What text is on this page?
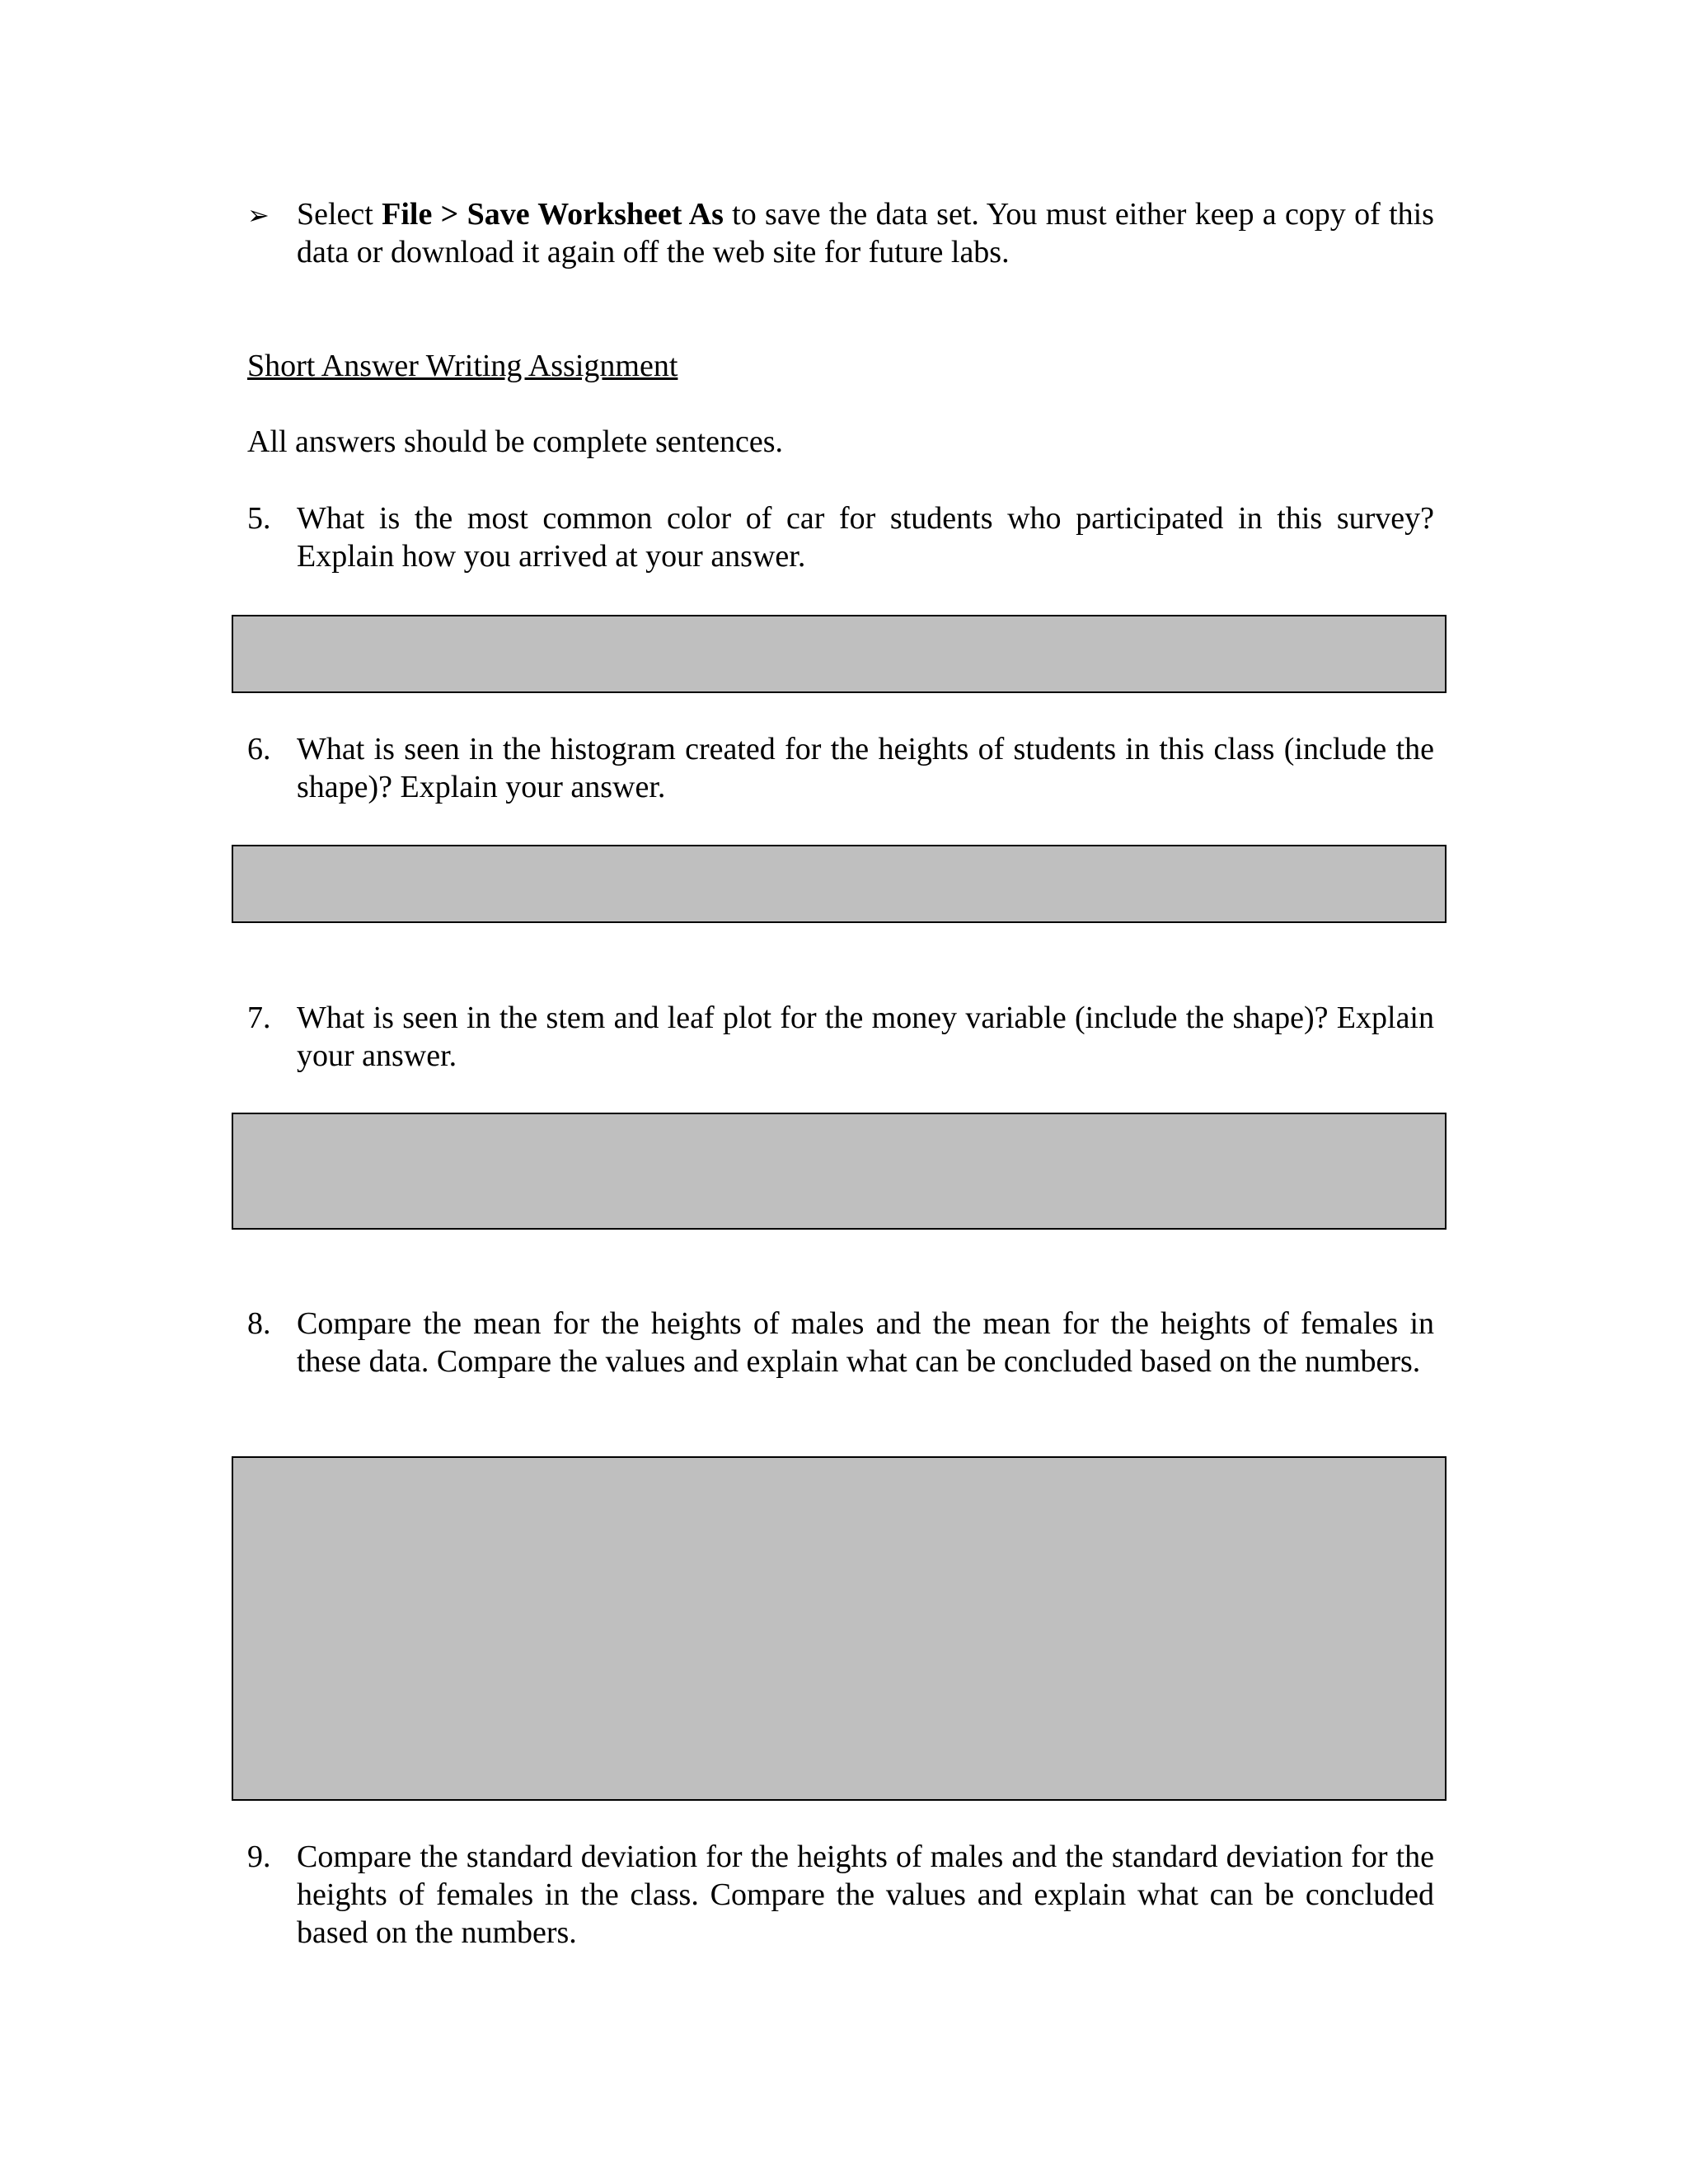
➢ Select File > Save Worksheet As to save the data set. You must either keep a copy of this data or download it again off the web site for future labs.
Short Answer Writing Assignment
All answers should be complete sentences.
5. What is the most common color of car for students who participated in this survey? Explain how you arrived at your answer.
6. What is seen in the histogram created for the heights of students in this class (include the shape)? Explain your answer.
7. What is seen in the stem and leaf plot for the money variable (include the shape)? Explain your answer.
8. Compare the mean for the heights of males and the mean for the heights of females in these data. Compare the values and explain what can be concluded based on the numbers.
9. Compare the standard deviation for the heights of males and the standard deviation for the heights of females in the class. Compare the values and explain what can be concluded based on the numbers.
